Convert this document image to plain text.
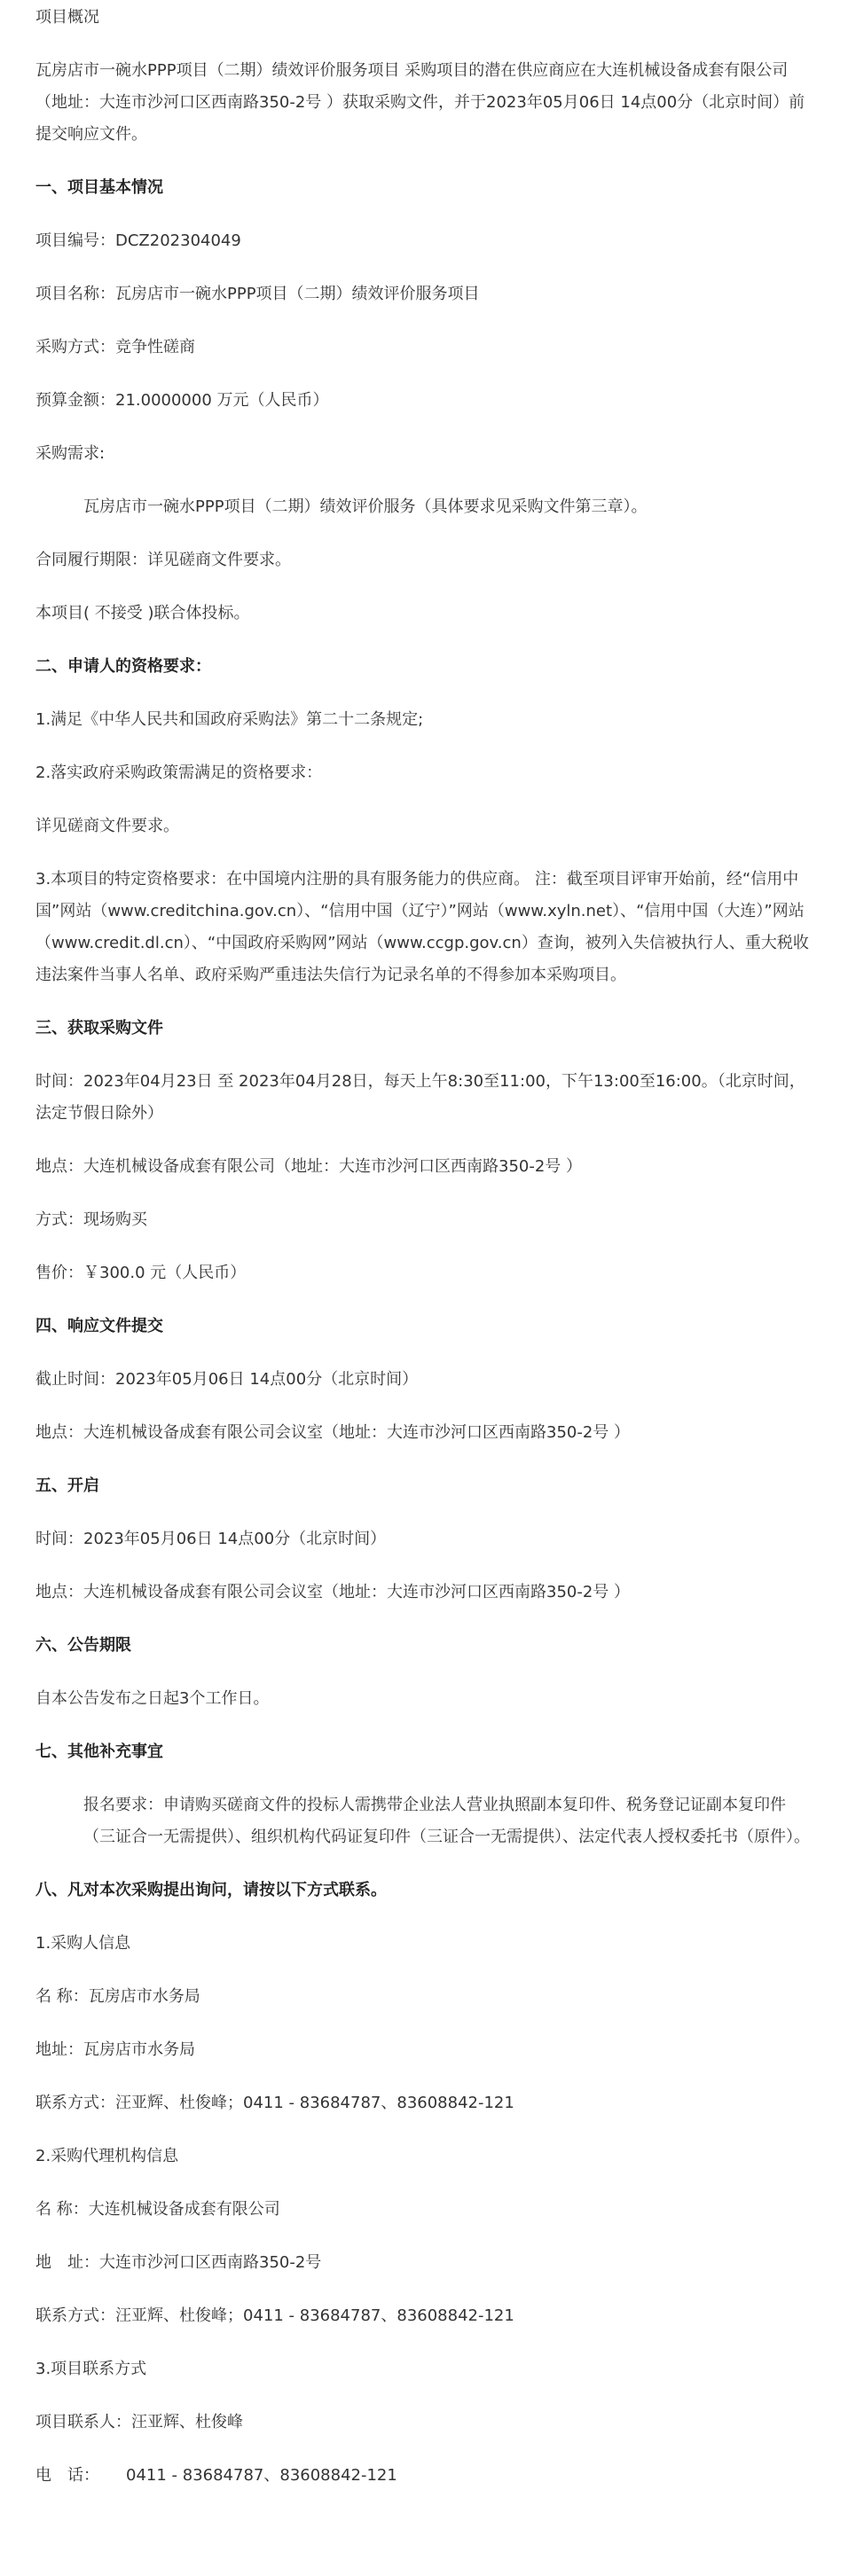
项目概况

瓦房店市一碗水PPP项目（二期）绩效评价服务项目 采购项目的潜在供应商应在大连机械设备成套有限公司（地址：大连市沙河口区西南路350-2号 ）获取采购文件，并于2023年05月06日 14点00分（北京时间）前提交响应文件。

一、项目基本情况

项目编号：DCZ202304049

项目名称：瓦房店市一碗水PPP项目（二期）绩效评价服务项目

采购方式：竞争性磋商

预算金额：21.0000000 万元（人民币）

采购需求:

瓦房店市一碗水PPP项目（二期）绩效评价服务（具体要求见采购文件第三章）。

合同履行期限：详见磋商文件要求。

本项目( 不接受 )联合体投标。

二、申请人的资格要求：

1.满足《中华人民共和国政府采购法》第二十二条规定;

2.落实政府采购政策需满足的资格要求：

详见磋商文件要求。

3.本项目的特定资格要求：在中国境内注册的具有服务能力的供应商。 注：截至项目评审开始前，经“信用中国”网站（www.creditchina.gov.cn）、“信用中国（辽宁）”网站（www.xyln.net）、“信用中国（大连）”网站（www.credit.dl.cn）、“中国政府采购网”网站（www.ccgp.gov.cn）查询，被列入失信被执行人、重大税收违法案件当事人名单、政府采购严重违法失信行为记录名单的不得参加本采购项目。

三、获取采购文件

时间：2023年04月23日 至 2023年04月28日，每天上午8:30至11:00，下午13:00至16:00。（北京时间，法定节假日除外）

地点：大连机械设备成套有限公司（地址：大连市沙河口区西南路350-2号 ）

方式：现场购买

售价：￥300.0 元（人民币）

四、响应文件提交

截止时间：2023年05月06日 14点00分（北京时间）

地点：大连机械设备成套有限公司会议室（地址：大连市沙河口区西南路350-2号 ）

五、开启

时间：2023年05月06日 14点00分（北京时间）

地点：大连机械设备成套有限公司会议室（地址：大连市沙河口区西南路350-2号 ）

六、公告期限

自本公告发布之日起3个工作日。

七、其他补充事宜

报名要求：申请购买磋商文件的投标人需携带企业法人营业执照副本复印件、税务登记证副本复印件（三证合一无需提供）、组织机构代码证复印件（三证合一无需提供）、法定代表人授权委托书（原件）。

八、凡对本次采购提出询问，请按以下方式联系。

1.采购人信息

名 称：瓦房店市水务局

地址：瓦房店市水务局

联系方式：汪亚辉、杜俊峰；0411 - 83684787、83608842-121

2.采购代理机构信息

名 称：大连机械设备成套有限公司

地　址：大连市沙河口区西南路350-2号

联系方式：汪亚辉、杜俊峰；0411 - 83684787、83608842-121

3.项目联系方式

项目联系人：汪亚辉、杜俊峰

电　话： 0411 - 83684787、83608842-121
